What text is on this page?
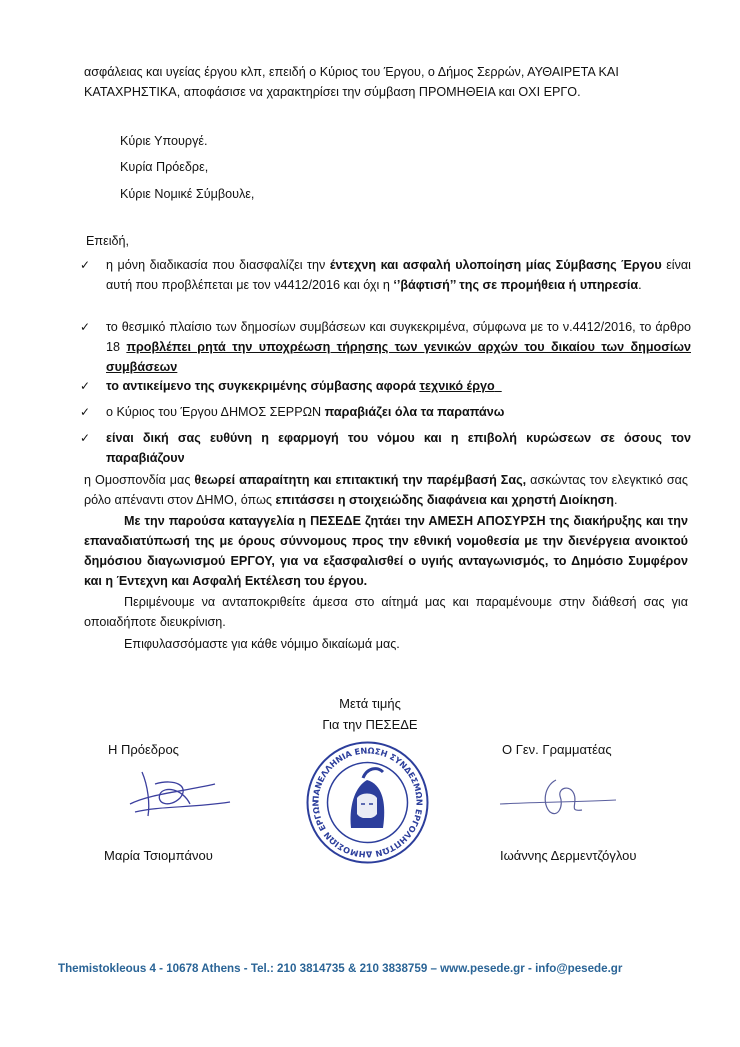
ασφάλειας και υγείας έργου κλπ, επειδή ο Κύριος του Έργου, ο Δήμος Σερρών, ΑΥΘΑΙΡΕΤΑ ΚΑΙ
ΚΑΤΑΧΡΗΣΤΙΚΑ, αποφάσισε να χαρακτηρίσει την σύμβαση ΠΡΟΜΗΘΕΙΑ και ΟΧΙ ΕΡΓΟ.
Κύριε Υπουργέ.
Κυρία Πρόεδρε,
Κύριε Νομικέ Σύμβουλε,
Επειδή,
✓	η μόνη διαδικασία που διασφαλίζει την έντεχνη και ασφαλή υλοποίηση μίας Σύμβασης Έργου είναι αυτή που προβλέπεται με τον ν4412/2016 και όχι η ‘’βάφτισή’’ της σε προμήθεια ή υπηρεσία.
✓	το θεσμικό πλαίσιο των δημοσίων συμβάσεων και συγκεκριμένα, σύμφωνα με το ν.4412/2016, το άρθρο 18 προβλέπει ρητά την υποχρέωση τήρησης των γενικών αρχών του δικαίου των δημοσίων συμβάσεων
✓	το αντικείμενο της συγκεκριμένης σύμβασης αφορά τεχνικό έργο
✓	ο Κύριος του Έργου ΔΗΜΟΣ ΣΕΡΡΩΝ παραβιάζει όλα τα παραπάνω
✓	είναι δική σας ευθύνη η εφαρμογή του νόμου και η επιβολή κυρώσεων σε όσους τον παραβιάζουν
η Ομοσπονδία μας θεωρεί απαραίτητη και επιτακτική την παρέμβασή Σας, ασκώντας τον ελεγκτικό σας ρόλο απέναντι στον ΔΗΜΟ, όπως επιτάσσει η στοιχειώδης διαφάνεια και χρηστή Διοίκηση.
Με την παρούσα καταγγελία η ΠΕΣΕΔΕ ζητάει την ΑΜΕΣΗ ΑΠΟΣΥΡΣΗ της διακήρυξης και την επαναδιατύπωσή της με όρους σύννομους προς την εθνική νομοθεσία με την διενέργεια ανοικτού δημόσιου διαγωνισμού ΕΡΓΟΥ, για να εξασφαλισθεί ο υγιής ανταγωνισμός, το Δημόσιο Συμφέρον και η Έντεχνη και Ασφαλή Εκτέλεση του έργου.
Περιμένουμε να ανταποκριθείτε άμεσα στο αίτημά μας και παραμένουμε στην διάθεσή σας για οποιαδήποτε διευκρίνιση.
Επιφυλασσόμαστε για κάθε νόμιμο δικαίωμά μας.
Μετά τιμής
Για την ΠΕΣΕΔΕ
Η Πρόεδρος	Ο Γεν. Γραμματέας
ΠΑΝΕΛΛΗΝΙΑ ΕΝΩΣΗ ΣΥΝΔΕΣΜΩΝ ΕΡΓΟΛΗΠΤΩΝ ΔΗΜΟΣΙΩΝ ΕΡΓΩΝ
Μαρία Τσιομπάνου	Ιωάννης Δερμεντζόγλου
Themistokleous 4 - 10678 Athens - Tel.: 210 3814735 & 210 3838759 – www.pesede.gr - info@pesede.gr
